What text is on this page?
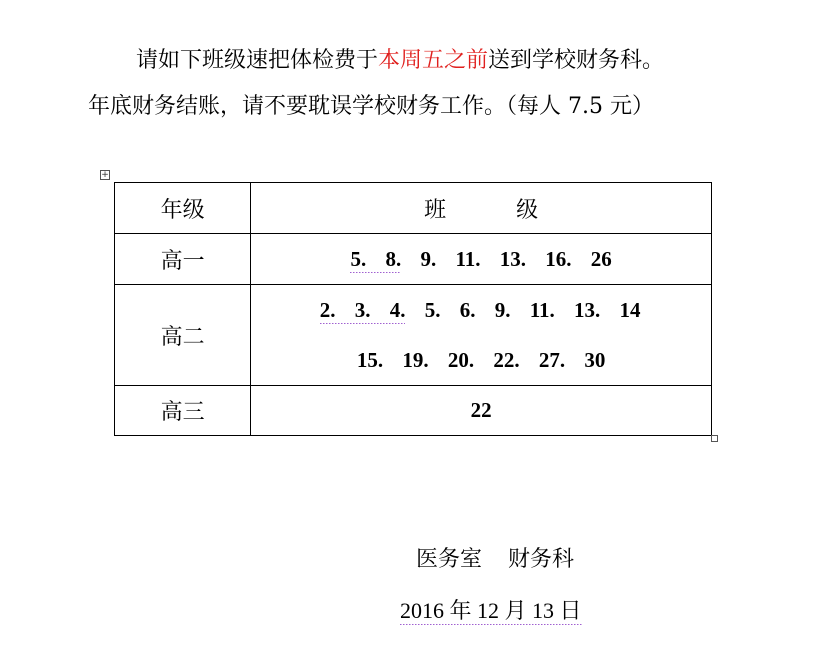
请如下班级速把体检费于本周五之前送到学校财务科。
年底财务结账，请不要耽误学校财务工作。（每人 7.5 元）
+
年级	班 级
高一	5. 8. 9. 11. 13. 16. 26
高二	2. 3. 4. 5. 6. 9. 11. 13. 14
15. 19. 20. 22. 27. 30

高三	22
医务室 财务科
2016 年 12 月 13 日
